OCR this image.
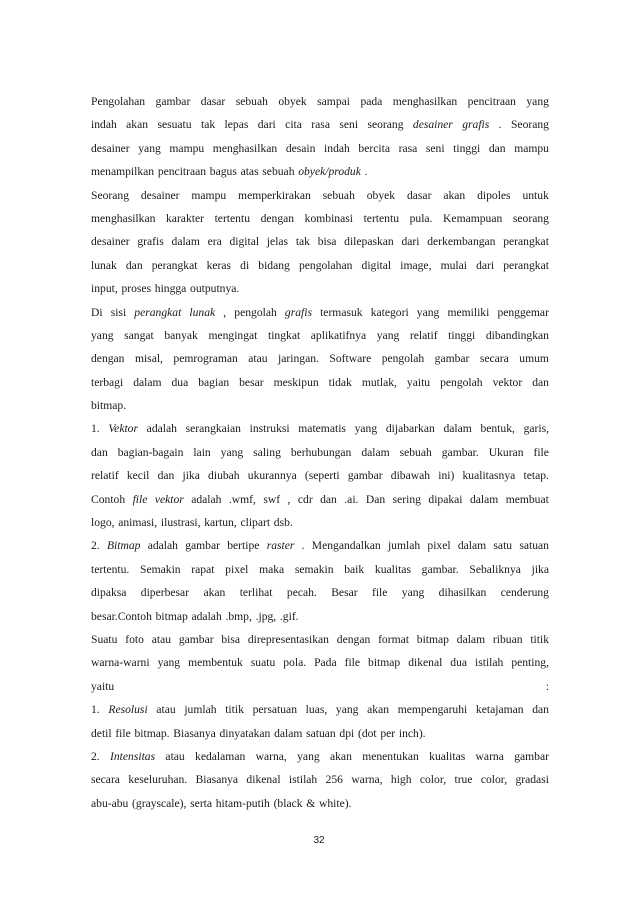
Pengolahan gambar dasar sebuah obyek sampai pada menghasilkan pencitraan yang
indah akan sesuatu tak lepas dari cita rasa seni seorang desainer grafis . Seorang
desainer yang mampu menghasilkan desain indah bercita rasa seni tinggi dan mampu
menampilkan pencitraan bagus atas sebuah obyek/produk .
Seorang desainer mampu memperkirakan sebuah obyek dasar akan dipoles untuk
menghasilkan karakter tertentu dengan kombinasi tertentu pula. Kemampuan seorang
desainer grafis dalam era digital jelas tak bisa dilepaskan dari derkembangan perangkat
lunak dan perangkat keras di bidang pengolahan digital image, mulai dari perangkat
input, proses hingga outputnya.
Di sisi perangkat lunak , pengolah grafis termasuk kategori yang memiliki penggemar
yang sangat banyak mengingat tingkat aplikatifnya yang relatif tinggi dibandingkan
dengan misal, pemrograman atau jaringan. Software pengolah gambar secara umum
terbagi dalam dua bagian besar meskipun tidak mutlak, yaitu pengolah vektor dan
bitmap.
1. Vektor adalah serangkaian instruksi matematis yang dijabarkan dalam bentuk, garis,
dan bagian-bagain lain yang saling berhubungan dalam sebuah gambar. Ukuran file
relatif kecil dan jika diubah ukurannya (seperti gambar dibawah ini) kualitasnya tetap.
Contoh file vektor adalah .wmf, swf , cdr dan .ai. Dan sering dipakai dalam membuat
logo, animasi, ilustrasi, kartun, clipart dsb.
2. Bitmap adalah gambar bertipe raster . Mengandalkan jumlah pixel dalam satu satuan
tertentu. Semakin rapat pixel maka semakin baik kualitas gambar. Sebaliknya jika
dipaksa diperbesar akan terlihat pecah. Besar file yang dihasilkan cenderung
besar.Contoh bitmap adalah .bmp, .jpg, .gif.
Suatu foto atau gambar bisa direpresentasikan dengan format bitmap dalam ribuan titik
warna-warni yang membentuk suatu pola. Pada file bitmap dikenal dua istilah penting,
yaitu	:
1. Resolusi atau jumlah titik persatuan luas, yang akan mempengaruhi ketajaman dan
detil file bitmap. Biasanya dinyatakan dalam satuan dpi (dot per inch).
2. Intensitas atau kedalaman warna, yang akan menentukan kualitas warna gambar
secara keseluruhan. Biasanya dikenal istilah 256 warna, high color, true color, gradasi
abu-abu (grayscale), serta hitam-putih (black & white).
32
